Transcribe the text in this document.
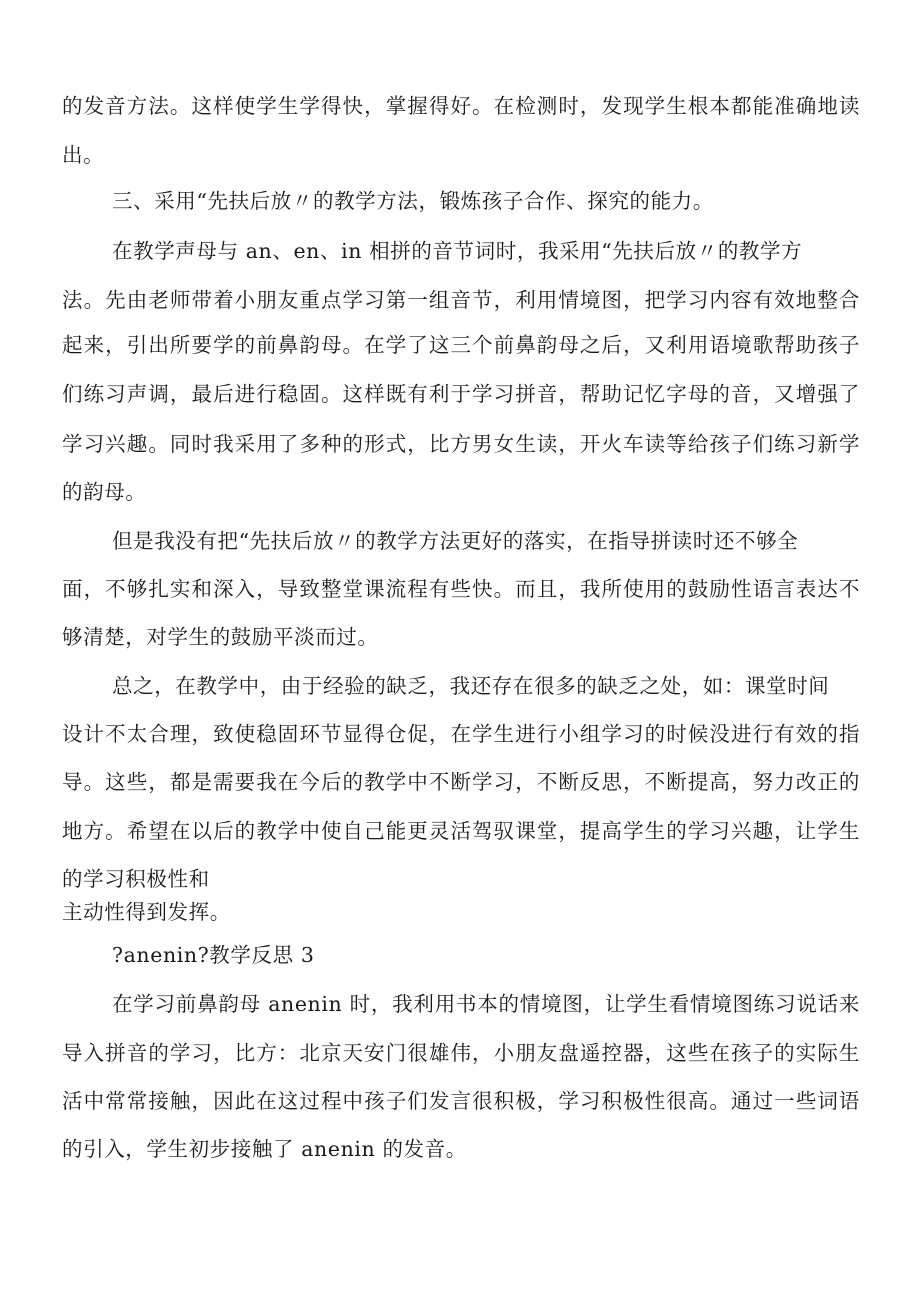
的发音方法。这样使学生学得快，掌握得好。在检测时，发现学生根本都能准确地读
出。
三、采用“先扶后放〃的教学方法，锻炼孩子合作、探究的能力。
在教学声母与 an、en、in 相拼的音节词时，我采用“先扶后放〃的教学方
法。先由老师带着小朋友重点学习第一组音节，利用情境图，把学习内容有效地整合
起来，引出所要学的前鼻韵母。在学了这三个前鼻韵母之后，又利用语境歌帮助孩子
们练习声调，最后进行稳固。这样既有利于学习拼音，帮助记忆字母的音，又增强了
学习兴趣。同时我采用了多种的形式，比方男女生读，开火车读等给孩子们练习新学
的韵母。
但是我没有把“先扶后放〃的教学方法更好的落实，在指导拼读时还不够全
面，不够扎实和深入，导致整堂课流程有些快。而且，我所使用的鼓励性语言表达不
够清楚，对学生的鼓励平淡而过。
总之，在教学中，由于经验的缺乏，我还存在很多的缺乏之处，如：课堂时间
设计不太合理，致使稳固环节显得仓促，在学生进行小组学习的时候没进行有效的指
导。这些，都是需要我在今后的教学中不断学习，不断反思，不断提高，努力改正的
地方。希望在以后的教学中使自己能更灵活驾驭课堂，提高学生的学习兴趣，让学生
的学习积极性和
主动性得到发挥。
?anenin?教学反思 3
在学习前鼻韵母 anenin 时，我利用书本的情境图，让学生看情境图练习说话来
导入拼音的学习，比方：北京天安门很雄伟，小朋友盘遥控器，这些在孩子的实际生
活中常常接触，因此在这过程中孩子们发言很积极，学习积极性很高。通过一些词语
的引入，学生初步接触了 anenin 的发音。
